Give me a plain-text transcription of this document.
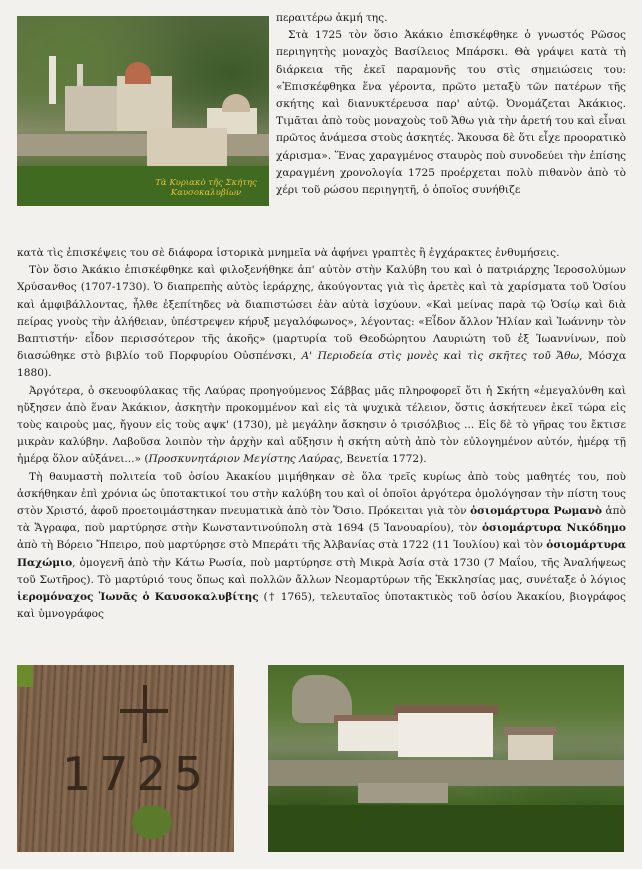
Τὰ Κυριακὸ τῆς Σκήτης Καυσοκαλυβίων

περαιτέρω ἀκμή της.

Στὰ 1725 τὸν ὅσιο Ἀκάκιο ἐπισκέφθηκε ὁ γνωστός Ρῶσος περιηγητὴς μοναχὸς Βασίλειος Μπάρσκι. Θὰ γράψει κατὰ τὴ διάρκεια τῆς ἐκεῖ παραμονῆς του στὶς σημειώσεις του: «Ἐπισκέφθηκα ἕνα γέροντα, πρῶτο μεταξὺ τῶν πατέρων τῆς σκήτης καὶ διανυκτέρευσα παρ' αὐτῷ. Ὀνομάζεται Ἀκάκιος. Τιμᾶται ἀπὸ τοὺς μοναχοὺς τοῦ Ἄθω γιὰ τὴν ἀρετή του καὶ εἶναι πρῶτος ἀνάμεσα στοὺς ἀσκητές. Ἄκουσα δὲ ὅτι εἶχε προορατικὸ χάρισμα». Ἕνας χαραγμένος σταυρὸς ποὺ συνοδεύει τὴν ἐπίσης χαραγμένη χρονολογία 1725 προέρχεται πολὺ πιθανὸν ἀπὸ τὸ χέρι τοῦ ρώσου περιηγητῆ, ὁ ὁποῖος συνήθιζε

κατὰ τὶς ἐπισκέψεις του σὲ διάφορα ἱστορικὰ μνημεῖα νὰ ἀφήνει γραπτὲς ἢ ἐγχάρακτες ἐνθυμήσεις.

Τὸν ὅσιο Ἀκάκιο ἐπισκέφθηκε καὶ φιλοξενήθηκε ἀπ' αὐτὸν στὴν Καλύβη του καὶ ὁ πατριάρχης Ἱεροσολύμων Χρύσανθος (1707-1730). Ὁ διαπρεπὴς αὐτὸς ἱεράρχης, ἀκούγοντας γιὰ τὶς ἀρετὲς καὶ τὰ χαρίσματα τοῦ Ὁσίου καὶ ἀμφιβάλλοντας, ἦλθε ἐξεπίτηδες νὰ διαπιστώσει ἐὰν αὐτὰ ἰσχύουν. «Καὶ μείνας παρὰ τῷ Ὁσίῳ καὶ διὰ πείρας γνοὺς τὴν ἀλήθειαν, ὑπέστρεψεν κήρυξ μεγαλόφωνος», λέγοντας: «Εἶδον ἄλλον Ἠλίαν καὶ Ἰωάννην τὸν Βαπτιστήν· εἶδον περισσότερον τῆς ἀκοῆς» (μαρτυρία τοῦ Θεοδώρητου Λαυριώτη τοῦ ἐξ Ἰωαννίνων, ποὺ διασώθηκε στὸ βιβλίο τοῦ Πορφυρίου Οὐσπένσκι, Α' Περιοδεία στὶς μονὲς καὶ τὶς σκῆτες τοῦ Ἄθω, Μόσχα 1880).

Ἀργότερα, ὁ σκευοφύλακας τῆς Λαύρας προηγούμενος Σάββας μᾶς πληροφορεῖ ὅτι ἡ Σκήτη «ἐμεγαλύνθη καὶ ηὔξησεν ἀπὸ ἕναν Ἀκάκιον, ἀσκητὴν προκομμένον καὶ εἰς τὰ ψυχικὰ τέλειον, ὅστις ἀσκήτευεν ἐκεῖ τώρα εἰς τοὺς καιροὺς μας, ἤγουν εἰς τοὺς αψκ' (1730), μὲ μεγάλην ἄσκησιν ὁ τρισόλβιος ... Εἰς δὲ τὸ γῆρας του ἔκτισε μικρὰν καλύβην. Λαβοῦσα λοιπὸν τὴν ἀρχὴν καὶ αὔξησιν ἡ σκήτη αὐτὴ ἀπὸ τὸν εὐλογημένον αὐτόν, ἡμέρᾳ τῇ ἡμέρᾳ ὅλον αὐξάνει...» (Προσκυνητάριον Μεγίστης Λαύρας, Βενετία 1772).

Τὴ θαυμαστὴ πολιτεία τοῦ ὁσίου Ἀκακίου μιμήθηκαν σὲ ὅλα τρεῖς κυρίως ἀπὸ τοὺς μαθητές του, ποὺ ἀσκήθηκαν ἐπὶ χρόνια ὡς ὑποτακτικοί του στὴν καλύβη του καὶ οἱ ὁποῖοι ἀργότερα ὁμολόγησαν τὴν πίστη τους στὸν Χριστό, ἀφοῦ προετοιμάστηκαν πνευματικὰ ἀπὸ τὸν Ὅσιο. Πρόκειται γιὰ τὸν ὁσιομάρτυρα Ρωμανὸ ἀπὸ τὰ Ἄγραφα, ποὺ μαρτύρησε στὴν Κωνσταντινούπολη στὰ 1694 (5 Ἰανουαρίου), τὸν ὁσιομάρτυρα Νικόδημο ἀπὸ τὴ Βόρειο Ἤπειρο, ποὺ μαρτύρησε στὸ Μπεράτι τῆς Ἀλβανίας στὰ 1722 (11 Ἰουλίου) καὶ τὸν ὁσιομάρτυρα Παχώμιο, ὁμογενῆ ἀπὸ τὴν Κάτω Ρωσία, ποὺ μαρτύρησε στὴ Μικρὰ Ἀσία στὰ 1730 (7 Μαΐου, τῆς Ἀναλήψεως τοῦ Σωτῆρος). Τὸ μαρτύριό τους ὅπως καὶ πολλῶν ἄλλων Νεομαρτύρων τῆς Ἐκκλησίας μας, συνέταξε ὁ λόγιος ἱερομόναχος Ἰωνᾶς ὁ Καυσοκαλυβίτης († 1765), τελευταῖος ὑποτακτικὸς τοῦ ὁσίου Ἀκακίου, βιογράφος καὶ ὑμνογράφος

1725
